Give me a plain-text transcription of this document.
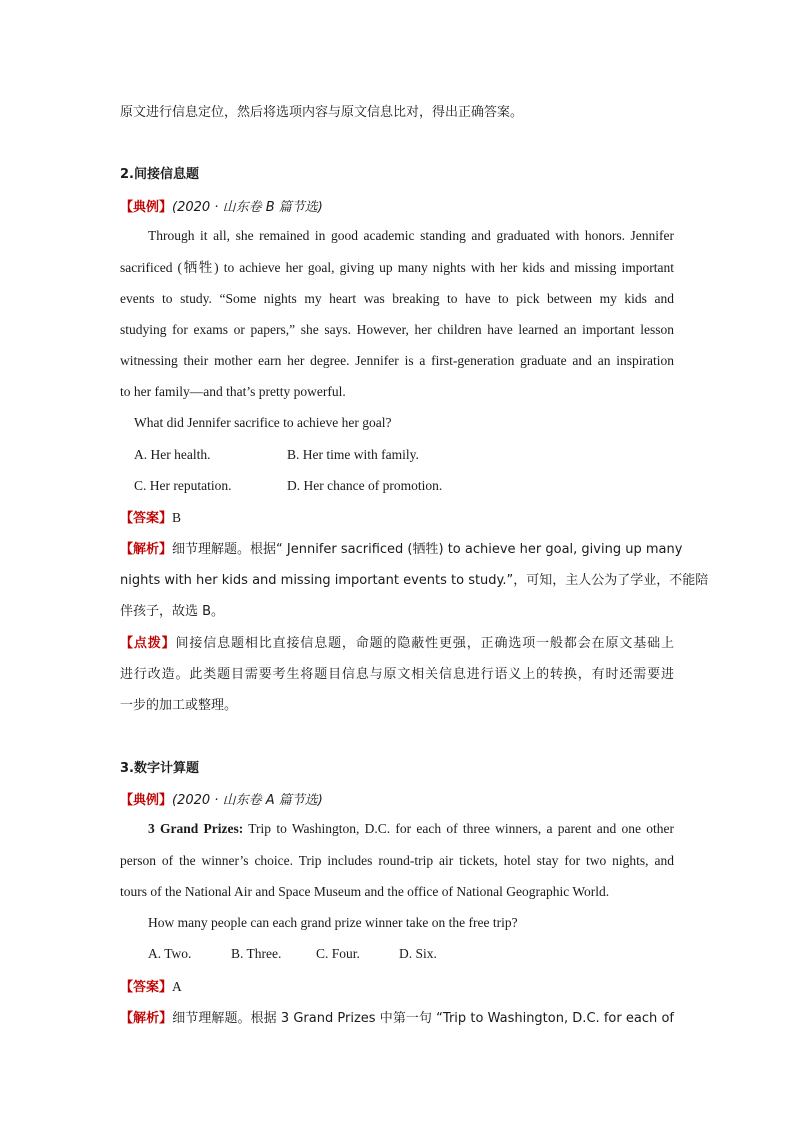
原文进行信息定位，然后将选项内容与原文信息比对，得出正确答案。
2.间接信息题
【典例】(2020 · 山东卷 B 篇节选)
Through it all, she remained in good academic standing and graduated with honors. Jennifer
sacrificed (牺牲) to achieve her goal, giving up many nights with her kids and missing important
events to study. “Some nights my heart was breaking to have to pick between my kids and
studying for exams or papers,” she says. However, her children have learned an important lesson
witnessing their mother earn her degree. Jennifer is a first-generation graduate and an inspiration
to her family—and that’s pretty powerful.
What did Jennifer sacrifice to achieve her goal?
A. Her health.	B. Her time with family.
C. Her reputation.	D. Her chance of promotion.
【答案】B
【解析】细节理解题。根据“ Jennifer sacrificed (牺牲) to achieve her goal, giving up many
nights with her kids and missing important events to study.”，可知，主人公为了学业，不能陪
伴孩子，故选 B。
【点拨】间接信息题相比直接信息题，命题的隐蔽性更强，正确选项一般都会在原文基础上
进行改造。此类题目需要考生将题目信息与原文相关信息进行语义上的转换，有时还需要进
一步的加工或整理。
3.数字计算题
【典例】(2020 · 山东卷 A 篇节选)
3 Grand Prizes: Trip to Washington, D.C. for each of three winners, a parent and one other
person of the winner’s choice. Trip includes round-trip air tickets, hotel stay for two nights, and
tours of the National Air and Space Museum and the office of National Geographic World.
How many people can each grand prize winner take on the free trip?
A. Two.	B. Three.	C. Four.	D. Six.
【答案】A
【解析】细节理解题。根据 3 Grand Prizes 中第一句 “Trip to Washington, D.C. for each of
